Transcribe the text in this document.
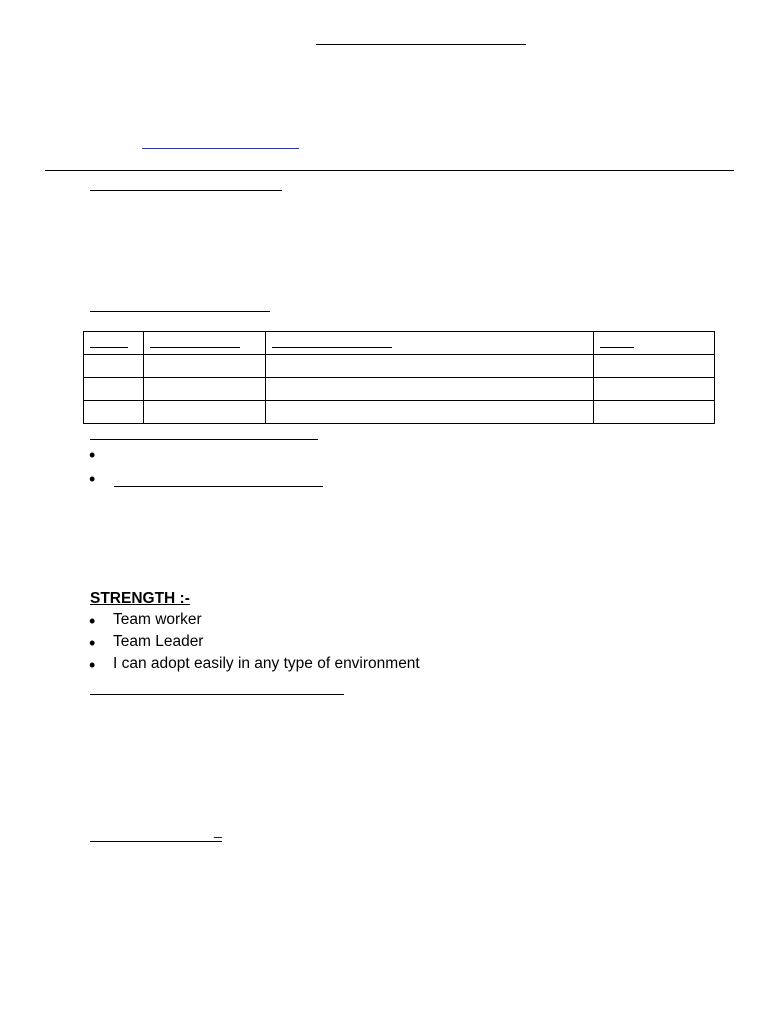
•
•
STRENGTH :-
• Team worker
• Team Leader
• I can adopt easily in any type of environment
_
